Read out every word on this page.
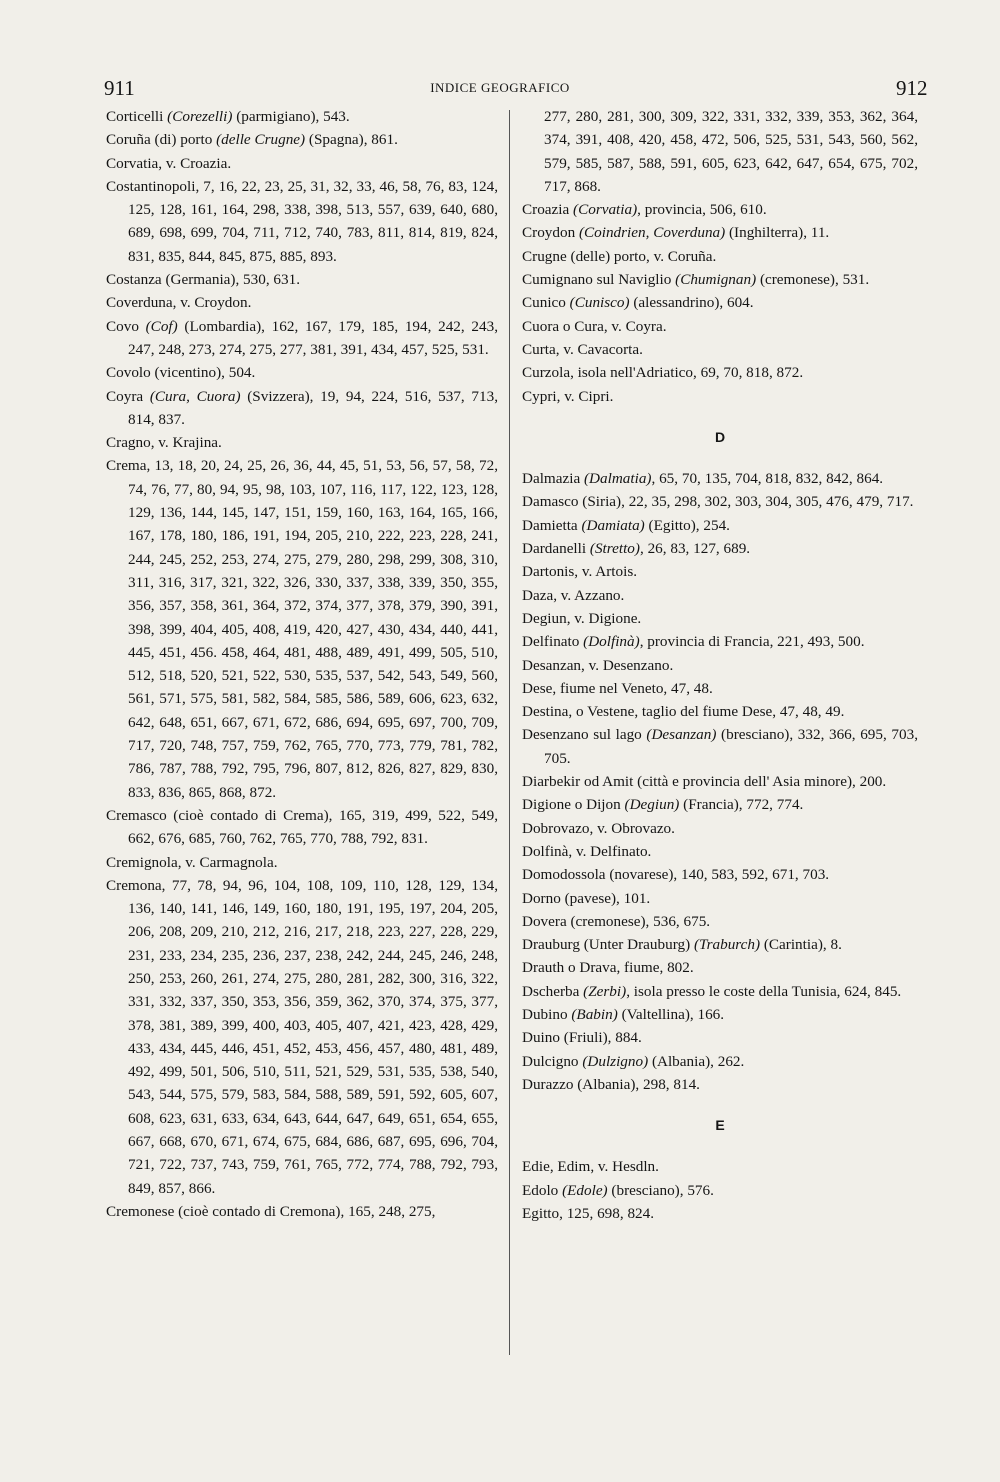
911	INDICE GEOGRAFICO	912

Corticelli (Corezelli) (parmigiano), 543.

Coruña (di) porto (delle Crugne) (Spagna), 861.

Corvatia, v. Croazia.

Costantinopoli, 7, 16, 22, 23, 25, 31, 32, 33, 46, 58, 76, 83, 124, 125, 128, 161, 164, 298, 338, 398, 513, 557, 639, 640, 680, 689, 698, 699, 704, 711, 712, 740, 783, 811, 814, 819, 824, 831, 835, 844, 845, 875, 885, 893.

Costanza (Germania), 530, 631.

Coverduna, v. Croydon.

Covo (Cof) (Lombardia), 162, 167, 179, 185, 194, 242, 243, 247, 248, 273, 274, 275, 277, 381, 391, 434, 457, 525, 531.

Covolo (vicentino), 504.

Coyra (Cura, Cuora) (Svizzera), 19, 94, 224, 516, 537, 713, 814, 837.

Cragno, v. Krajina.

Crema, 13, 18, 20, 24, 25, 26, 36, 44, 45, 51, 53, 56, 57, 58, 72, 74, 76, 77, 80, 94, 95, 98, 103, 107, 116, 117, 122, 123, 128, 129, 136, 144, 145, 147, 151, 159, 160, 163, 164, 165, 166, 167, 178, 180, 186, 191, 194, 205, 210, 222, 223, 228, 241, 244, 245, 252, 253, 274, 275, 279, 280, 298, 299, 308, 310, 311, 316, 317, 321, 322, 326, 330, 337, 338, 339, 350, 355, 356, 357, 358, 361, 364, 372, 374, 377, 378, 379, 390, 391, 398, 399, 404, 405, 408, 419, 420, 427, 430, 434, 440, 441, 445, 451, 456. 458, 464, 481, 488, 489, 491, 499, 505, 510, 512, 518, 520, 521, 522, 530, 535, 537, 542, 543, 549, 560, 561, 571, 575, 581, 582, 584, 585, 586, 589, 606, 623, 632, 642, 648, 651, 667, 671, 672, 686, 694, 695, 697, 700, 709, 717, 720, 748, 757, 759, 762, 765, 770, 773, 779, 781, 782, 786, 787, 788, 792, 795, 796, 807, 812, 826, 827, 829, 830, 833, 836, 865, 868, 872.

Cremasco (cioè contado di Crema), 165, 319, 499, 522, 549, 662, 676, 685, 760, 762, 765, 770, 788, 792, 831.

Cremignola, v. Carmagnola.

Cremona, 77, 78, 94, 96, 104, 108, 109, 110, 128, 129, 134, 136, 140, 141, 146, 149, 160, 180, 191, 195, 197, 204, 205, 206, 208, 209, 210, 212, 216, 217, 218, 223, 227, 228, 229, 231, 233, 234, 235, 236, 237, 238, 242, 244, 245, 246, 248, 250, 253, 260, 261, 274, 275, 280, 281, 282, 300, 316, 322, 331, 332, 337, 350, 353, 356, 359, 362, 370, 374, 375, 377, 378, 381, 389, 399, 400, 403, 405, 407, 421, 423, 428, 429, 433, 434, 445, 446, 451, 452, 453, 456, 457, 480, 481, 489, 492, 499, 501, 506, 510, 511, 521, 529, 531, 535, 538, 540, 543, 544, 575, 579, 583, 584, 588, 589, 591, 592, 605, 607, 608, 623, 631, 633, 634, 643, 644, 647, 649, 651, 654, 655, 667, 668, 670, 671, 674, 675, 684, 686, 687, 695, 696, 704, 721, 722, 737, 743, 759, 761, 765, 772, 774, 788, 792, 793, 849, 857, 866.

Cremonese (cioè contado di Cremona), 165, 248, 275,

277, 280, 281, 300, 309, 322, 331, 332, 339, 353, 362, 364, 374, 391, 408, 420, 458, 472, 506, 525, 531, 543, 560, 562, 579, 585, 587, 588, 591, 605, 623, 642, 647, 654, 675, 702, 717, 868.

Croazia (Corvatia), provincia, 506, 610.

Croydon (Coindrien, Coverduna) (Inghilterra), 11.

Crugne (delle) porto, v. Coruña.

Cumignano sul Naviglio (Chumignan) (cremonese), 531.

Cunico (Cunisco) (alessandrino), 604.

Cuora o Cura, v. Coyra.

Curta, v. Cavacorta.

Curzola, isola nell'Adriatico, 69, 70, 818, 872.

Cypri, v. Cipri.

D

Dalmazia (Dalmatia), 65, 70, 135, 704, 818, 832, 842, 864.

Damasco (Siria), 22, 35, 298, 302, 303, 304, 305, 476, 479, 717.

Damietta (Damiata) (Egitto), 254.

Dardanelli (Stretto), 26, 83, 127, 689.

Dartonis, v. Artois.

Daza, v. Azzano.

Degiun, v. Digione.

Delfinato (Dolfinà), provincia di Francia, 221, 493, 500.

Desanzan, v. Desenzano.

Dese, fiume nel Veneto, 47, 48.

Destina, o Vestene, taglio del fiume Dese, 47, 48, 49.

Desenzano sul lago (Desanzan) (bresciano), 332, 366, 695, 703, 705.

Diarbekir od Amit (città e provincia dell' Asia minore), 200.

Digione o Dijon (Degiun) (Francia), 772, 774.

Dobrovazo, v. Obrovazo.

Dolfinà, v. Delfinato.

Domodossola (novarese), 140, 583, 592, 671, 703.

Dorno (pavese), 101.

Dovera (cremonese), 536, 675.

Drauburg (Unter Drauburg) (Traburch) (Carintia), 8.

Drauth o Drava, fiume, 802.

Dscherba (Zerbi), isola presso le coste della Tunisia, 624, 845.

Dubino (Babin) (Valtellina), 166.

Duino (Friuli), 884.

Dulcigno (Dulzigno) (Albania), 262.

Durazzo (Albania), 298, 814.

E

Edie, Edim, v. Hesdln.

Edolo (Edole) (bresciano), 576.

Egitto, 125, 698, 824.
